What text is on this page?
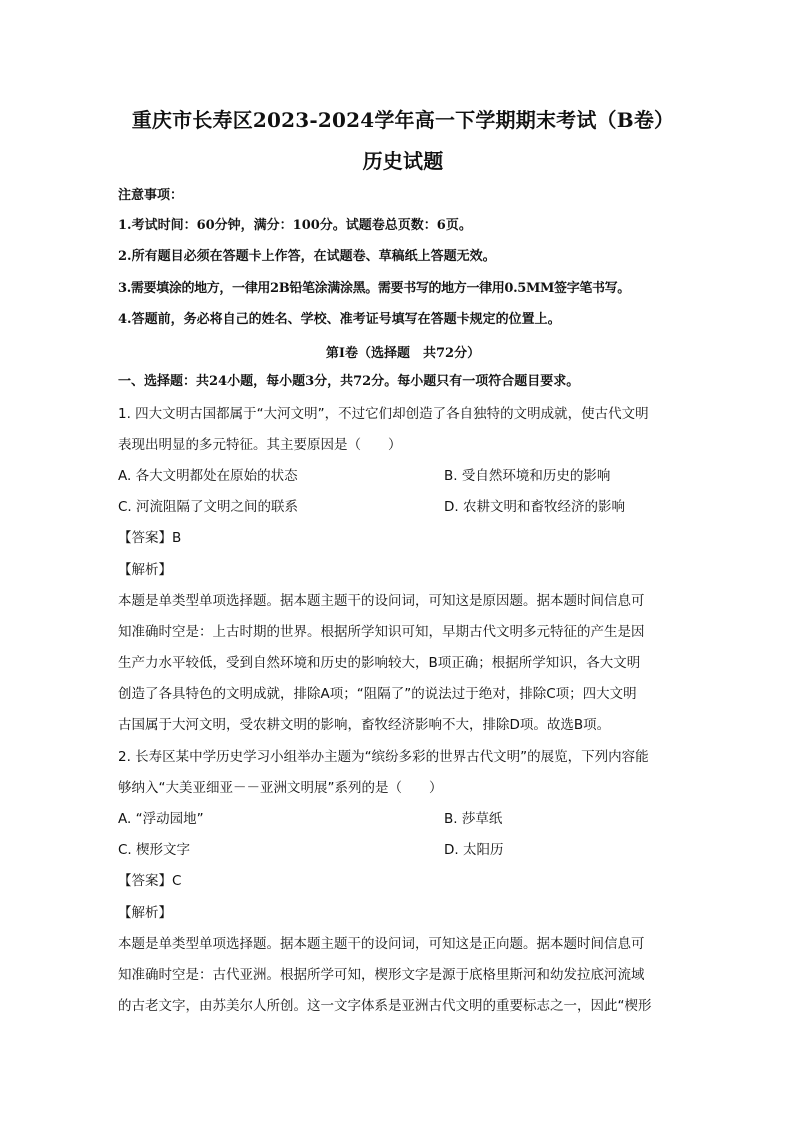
重庆市长寿区2023-2024学年高一下学期期末考试（B卷）
历史试题
注意事项：
1.考试时间：60分钟，满分：100分。试题卷总页数：6页。
2.所有题目必须在答题卡上作答，在试题卷、草稿纸上答题无效。
3.需要填涂的地方，一律用2B铅笔涂满涂黑。需要书写的地方一律用0.5MM签字笔书写。
4.答题前，务必将自己的姓名、学校、准考证号填写在答题卡规定的位置上。
第I卷（选择题　共72分）
一、选择题：共24小题，每小题3分，共72分。每小题只有一项符合题目要求。
1. 四大文明古国都属于“大河文明”，不过它们却创造了各自独特的文明成就，使古代文明
表现出明显的多元特征。其主要原因是（　　）
A. 各大文明都处在原始的状态	B. 受自然环境和历史的影响
C. 河流阻隔了文明之间的联系	D. 农耕文明和畜牧经济的影响
【答案】B
【解析】
本题是单类型单项选择题。据本题主题干的设问词，可知这是原因题。据本题时间信息可
知准确时空是：上古时期的世界。根据所学知识可知，早期古代文明多元特征的产生是因
生产力水平较低，受到自然环境和历史的影响较大，B项正确；根据所学知识，各大文明
创造了各具特色的文明成就，排除A项；“阻隔了”的说法过于绝对，排除C项；四大文明
古国属于大河文明，受农耕文明的影响，畜牧经济影响不大，排除D项。故选B项。
2. 长寿区某中学历史学习小组举办主题为“缤纷多彩的世界古代文明”的展览，下列内容能
够纳入“大美亚细亚－－亚洲文明展”系列的是（　　）
A. “浮动园地”	B. 莎草纸
C. 楔形文字	D. 太阳历
【答案】C
【解析】
本题是单类型单项选择题。据本题主题干的设问词，可知这是正向题。据本题时间信息可
知准确时空是：古代亚洲。根据所学可知，楔形文字是源于底格里斯河和幼发拉底河流域
的古老文字，由苏美尔人所创。这一文字体系是亚洲古代文明的重要标志之一，因此“楔形
